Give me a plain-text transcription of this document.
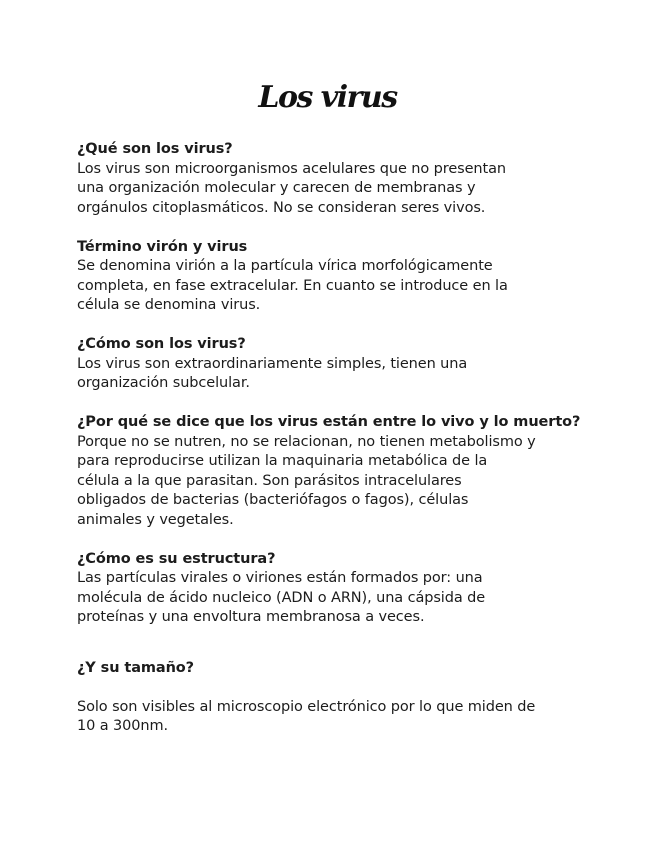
Los virus
¿Qué son los virus?

Los virus son microorganismos acelulares que no presentan
una organización molecular y carecen de membranas y
orgánulos citoplasmáticos. No se consideran seres vivos.

Término virón y virus

Se denomina virión a la partícula vírica morfológicamente
completa, en fase extracelular. En cuanto se introduce en la
célula se denomina virus.

¿Cómo son los virus?

Los virus son extraordinariamente simples, tienen una
organización subcelular.

¿Por qué se dice que los virus están entre lo vivo y lo muerto?

Porque no se nutren, no se relacionan, no tienen metabolismo y
para reproducirse utilizan la maquinaria metabólica de la
célula a la que parasitan. Son parásitos intracelulares
obligados de bacterias (bacteriófagos o fagos), células
animales y vegetales.

¿Cómo es su estructura?

Las partículas virales o viriones están formados por: una
molécula de ácido nucleico (ADN o ARN), una cápsida de
proteínas y una envoltura membranosa a veces.

¿Y su tamaño?

Solo son visibles al microscopio electrónico por lo que miden de
10 a 300nm.
